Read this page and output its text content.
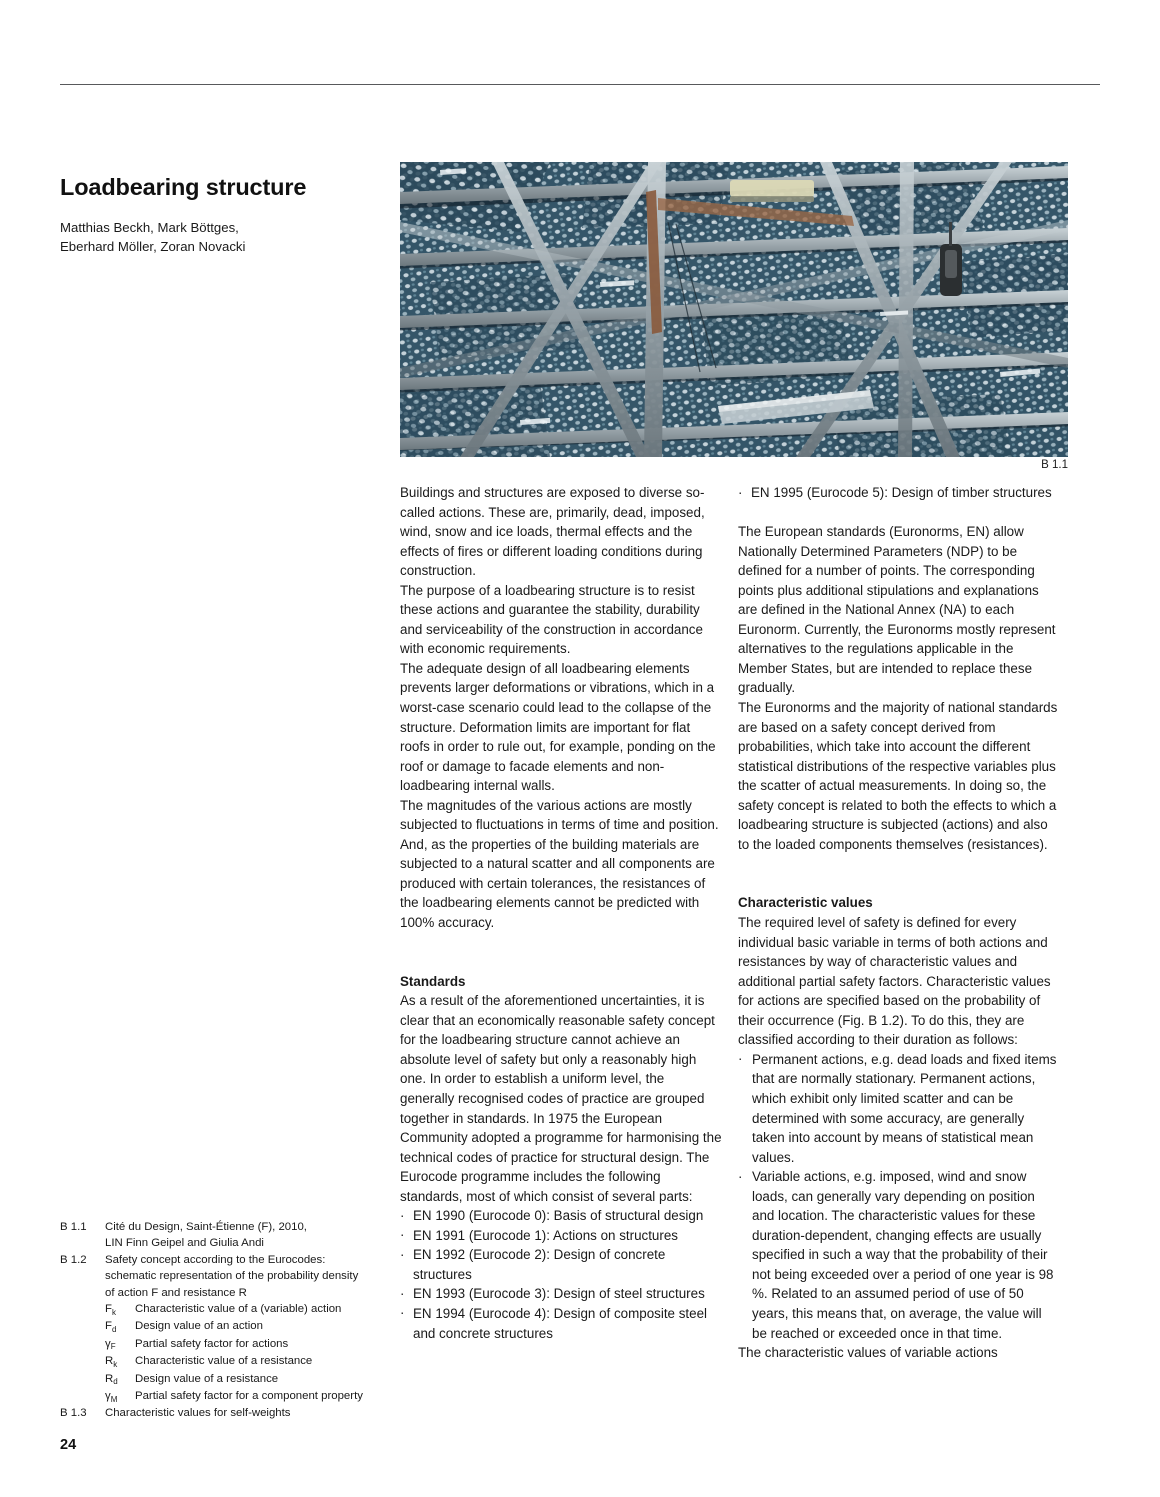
Loadbearing structure
Matthias Beckh, Mark Böttges,
Eberhard Möller, Zoran Novacki
B 1.1

Buildings and structures are exposed to diverse so-called actions. These are, primarily, dead, imposed, wind, snow and ice loads, thermal effects and the effects of fires or different loading conditions during construction.

The purpose of a loadbearing structure is to resist these actions and guarantee the stability, durability and serviceability of the construction in accordance with economic requirements.

The adequate design of all loadbearing elements prevents larger deformations or vibrations, which in a worst-case scenario could lead to the collapse of the structure. Deformation limits are important for flat roofs in order to rule out, for example, ponding on the roof or damage to facade elements and non-loadbearing internal walls.

The magnitudes of the various actions are mostly subjected to fluctuations in terms of time and position. And, as the properties of the building materials are subjected to a natural scatter and all components are produced with certain tolerances, the resistances of the loadbearing elements cannot be predicted with 100% accuracy.

Standards

As a result of the aforementioned uncertainties, it is clear that an economically reasonable safety concept for the loadbearing structure cannot achieve an absolute level of safety but only a reasonably high one. In order to establish a uniform level, the generally recognised codes of practice are grouped together in standards. In 1975 the European Community adopted a programme for harmonising the technical codes of practice for structural design. The Eurocode programme includes the following standards, most of which consist of several parts:

· EN 1990 (Eurocode 0): Basis of structural design
· EN 1991 (Eurocode 1): Actions on structures
· EN 1992 (Eurocode 2): Design of concrete structures
· EN 1993 (Eurocode 3): Design of steel structures
· EN 1994 (Eurocode 4): Design of composite steel and concrete structures
· EN 1995 (Eurocode 5): Design of timber structures

The European standards (Euronorms, EN) allow Nationally Determined Parameters (NDP) to be defined for a number of points. The corresponding points plus additional stipulations and explanations are defined in the National Annex (NA) to each Euronorm. Currently, the Euronorms mostly represent alternatives to the regulations applicable in the Member States, but are intended to replace these gradually.

The Euronorms and the majority of national standards are based on a safety concept derived from probabilities, which take into account the different statistical distributions of the respective variables plus the scatter of actual measurements. In doing so, the safety concept is related to both the effects to which a loadbearing structure is subjected (actions) and also to the loaded components themselves (resistances).

Characteristic values

The required level of safety is defined for every individual basic variable in terms of both actions and resistances by way of characteristic values and additional partial safety factors. Characteristic values for actions are specified based on the probability of their occurrence (Fig. B 1.2). To do this, they are classified according to their duration as follows:

· Permanent actions, e.g. dead loads and fixed items that are normally stationary. Permanent actions, which exhibit only limited scatter and can be determined with some accuracy, are generally taken into account by means of statistical mean values.
· Variable actions, e.g. imposed, wind and snow loads, can generally vary depending on position and location. The characteristic values for these duration-dependent, changing effects are usually specified in such a way that the probability of their not being exceeded over a period of one year is 98 %. Related to an assumed period of use of 50 years, this means that, on average, the value will be reached or exceeded once in that time.

The characteristic values of variable actions

B 1.1	Cité du Design, Saint-Étienne (F), 2010,
LIN Finn Geipel and Giulia Andi
B 1.2	Safety concept according to the Eurocodes:
schematic representation of the probability density
of action F and resistance R
$F_k$	Characteristic value of a (variable) action
$F_d$	Design value of an action
$\gamma_F$	Partial safety factor for actions
$R_k$	Characteristic value of a resistance
$R_d$	Design value of a resistance
$\gamma_M$	Partial safety factor for a component property
B 1.3	Characteristic values for self-weights
24
